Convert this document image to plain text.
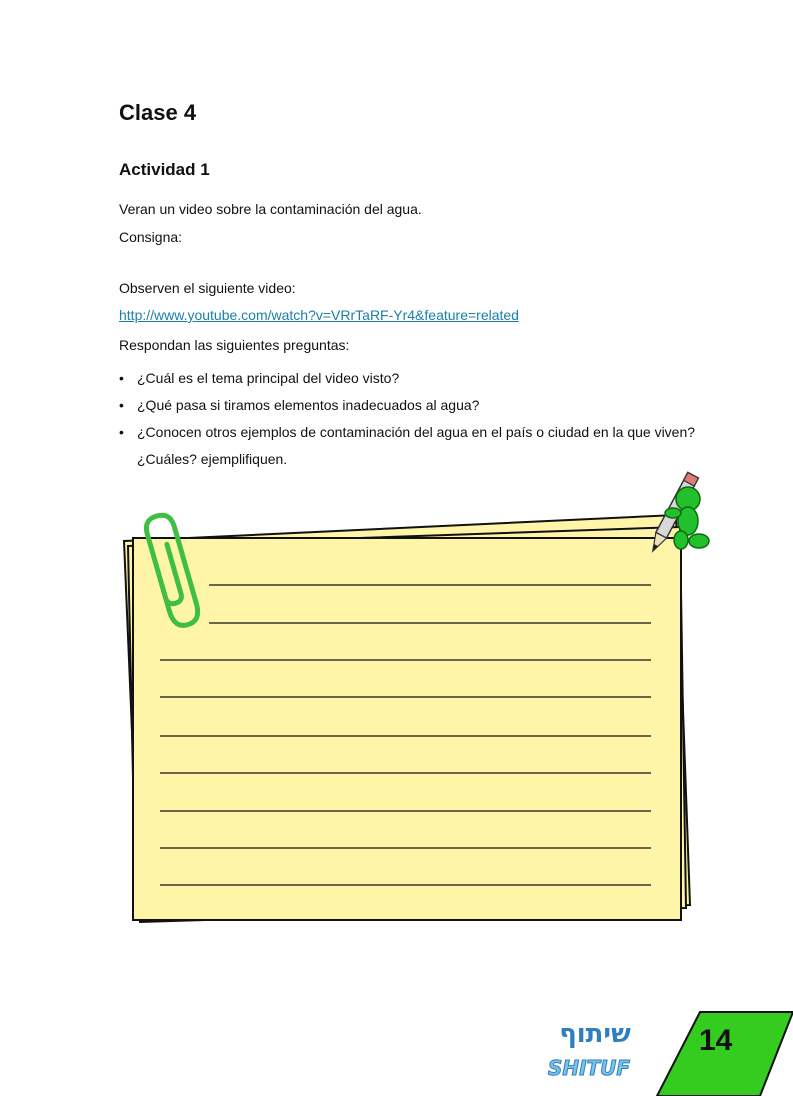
Clase 4
Actividad 1

Veran un video sobre la contaminación del agua.

Consigna:

Observen el siguiente video:

http://www.youtube.com/watch?v=VRrTaRF-Yr4&feature=related

Respondan las siguientes preguntas:

• ¿Cuál es el tema principal del video visto?
• ¿Qué pasa si tiramos elementos inadecuados al agua?
• ¿Conocen otros ejemplos de contaminación del agua en el país o ciudad en la que viven? ¿Cuáles? ejemplifiquen.
שיתוף
SHITUF
14
